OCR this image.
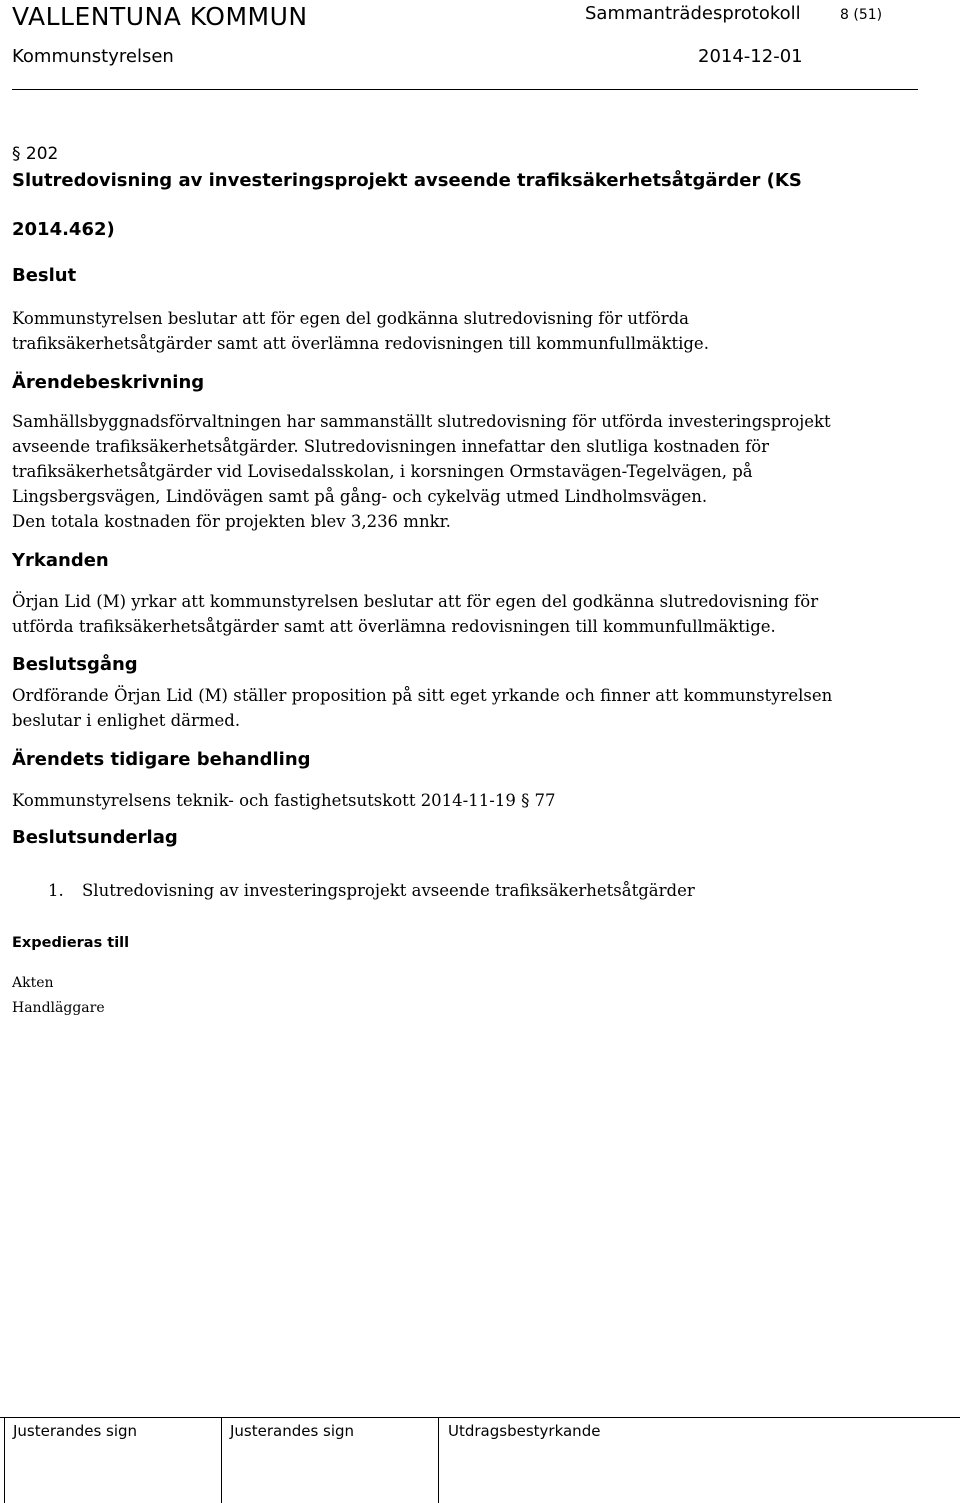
VALLENTUNA KOMMUN	Sammanträdesprotokoll	8 (51)
Kommunstyrelsen	2014-12-01
§ 202
Slutredovisning av investeringsprojekt avseende trafiksäkerhetsåtgärder (KS
2014.462)
Beslut
Kommunstyrelsen beslutar att för egen del godkänna slutredovisning för utförda
trafiksäkerhetsåtgärder samt att överlämna redovisningen till kommunfullmäktige.
Ärendebeskrivning
Samhällsbyggnadsförvaltningen har sammanställt slutredovisning för utförda investeringsprojekt
avseende trafiksäkerhetsåtgärder. Slutredovisningen innefattar den slutliga kostnaden för
trafiksäkerhetsåtgärder vid Lovisedalsskolan, i korsningen Ormstavägen-Tegelvägen, på
Lingsbergsvägen, Lindövägen samt på gång- och cykelväg utmed Lindholmsvägen.
Den totala kostnaden för projekten blev 3,236 mnkr.
Yrkanden
Örjan Lid (M) yrkar att kommunstyrelsen beslutar att för egen del godkänna slutredovisning för
utförda trafiksäkerhetsåtgärder samt att överlämna redovisningen till kommunfullmäktige.
Beslutsgång
Ordförande Örjan Lid (M) ställer proposition på sitt eget yrkande och finner att kommunstyrelsen
beslutar i enlighet därmed.
Ärendets tidigare behandling
Kommunstyrelsens teknik- och fastighetsutskott 2014-11-19 § 77
Beslutsunderlag
1. Slutredovisning av investeringsprojekt avseende trafiksäkerhetsåtgärder
Expedieras till
Akten
Handläggare
Justerandes sign	Justerandes sign	Utdragsbestyrkande
